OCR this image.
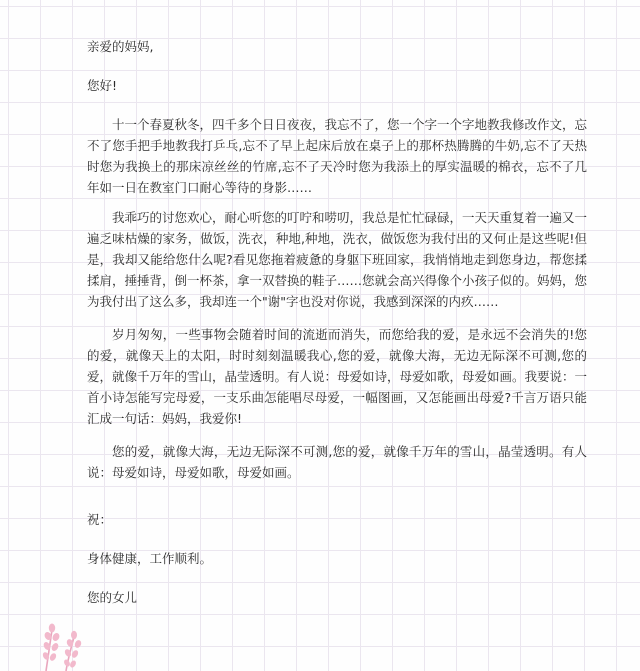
亲爱的妈妈,

您好!

十一个春夏秋冬，四千多个日日夜夜，我忘不了，您一个字一个字地教我修改作文，忘不了您手把手地教我打乒乓,忘不了早上起床后放在桌子上的那杯热腾腾的牛奶,忘不了天热时您为我换上的那床凉丝丝的竹席,忘不了天冷时您为我添上的厚实温暖的棉衣，忘不了几年如一日在教室门口耐心等待的身影……

我乖巧的讨您欢心，耐心听您的叮咛和唠叨，我总是忙忙碌碌，一天天重复着一遍又一遍乏味枯燥的家务，做饭，洗衣，种地,种地，洗衣，做饭您为我付出的又何止是这些呢!但是，我却又能给您什么呢?看见您拖着疲惫的身躯下班回家，我悄悄地走到您身边，帮您揉揉肩，捶捶背，倒一杯茶，拿一双替换的鞋子……您就会高兴得像个小孩子似的。妈妈，您为我付出了这么多，我却连一个"谢"字也没对你说，我感到深深的内疚……

岁月匆匆，一些事物会随着时间的流逝而消失，而您给我的爱，是永远不会消失的!您的爱，就像天上的太阳，时时刻刻温暖我心,您的爱，就像大海，无边无际深不可测,您的爱，就像千万年的雪山，晶莹透明。有人说：母爱如诗，母爱如歌，母爱如画。我要说：一首小诗怎能写完母爱，一支乐曲怎能唱尽母爱，一幅图画，又怎能画出母爱?千言万语只能汇成一句话：妈妈，我爱你!

您的爱，就像大海，无边无际深不可测,您的爱，就像千万年的雪山，晶莹透明。有人说：母爱如诗，母爱如歌，母爱如画。

祝：

身体健康，工作顺利。

您的女儿
